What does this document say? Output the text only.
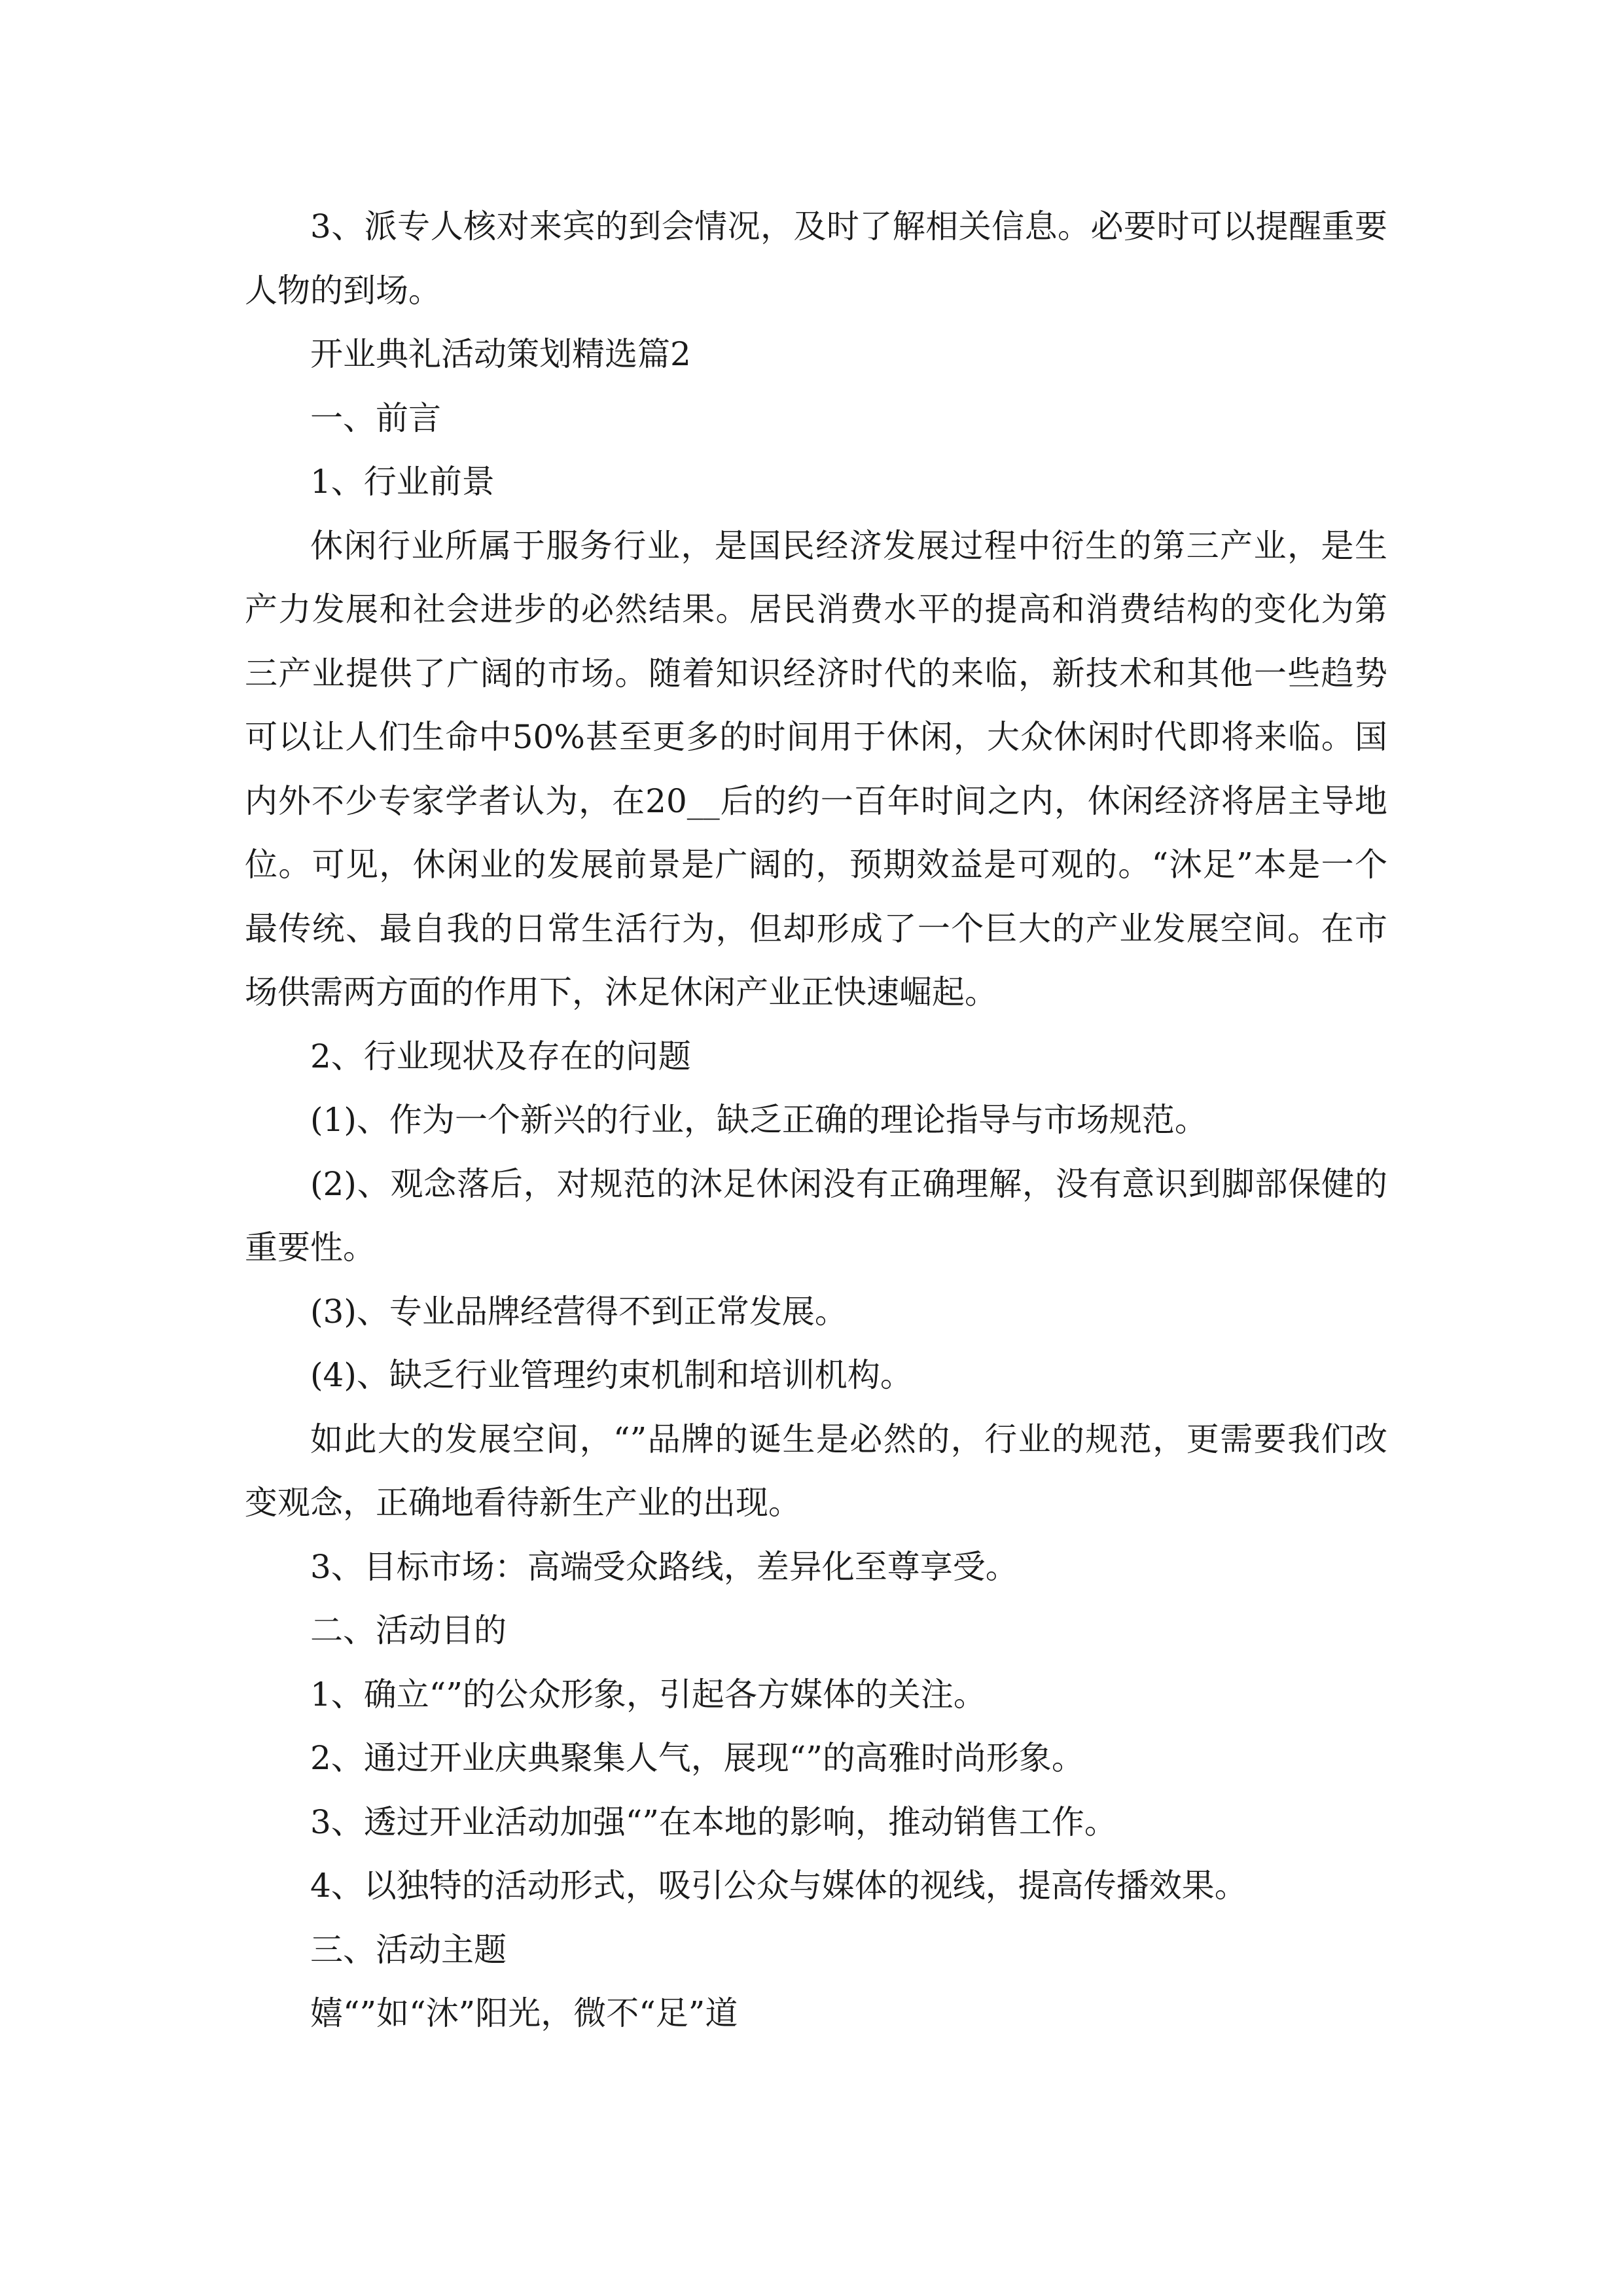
3、派专人核对来宾的到会情况，及时了解相关信息。必要时可以提醒重要人物的到场。

开业典礼活动策划精选篇2

一、前言

1、行业前景

休闲行业所属于服务行业，是国民经济发展过程中衍生的第三产业，是生产力发展和社会进步的必然结果。居民消费水平的提高和消费结构的变化为第三产业提供了广阔的市场。随着知识经济时代的来临，新技术和其他一些趋势可以让人们生命中50%甚至更多的时间用于休闲，大众休闲时代即将来临。国内外不少专家学者认为，在20__后的约一百年时间之内，休闲经济将居主导地位。可见，休闲业的发展前景是广阔的，预期效益是可观的。“沐足”本是一个最传统、最自我的日常生活行为，但却形成了一个巨大的产业发展空间。在市场供需两方面的作用下，沐足休闲产业正快速崛起。

2、行业现状及存在的问题

(1)、作为一个新兴的行业，缺乏正确的理论指导与市场规范。

(2)、观念落后，对规范的沐足休闲没有正确理解，没有意识到脚部保健的重要性。

(3)、专业品牌经营得不到正常发展。

(4)、缺乏行业管理约束机制和培训机构。

如此大的发展空间，“”品牌的诞生是必然的，行业的规范，更需要我们改变观念，正确地看待新生产业的出现。

3、目标市场：高端受众路线，差异化至尊享受。

二、活动目的

1、确立“”的公众形象，引起各方媒体的关注。

2、通过开业庆典聚集人气，展现“”的高雅时尚形象。

3、透过开业活动加强“”在本地的影响，推动销售工作。

4、以独特的活动形式，吸引公众与媒体的视线，提高传播效果。

三、活动主题

嬉“”如“沐”阳光，微不“足”道
